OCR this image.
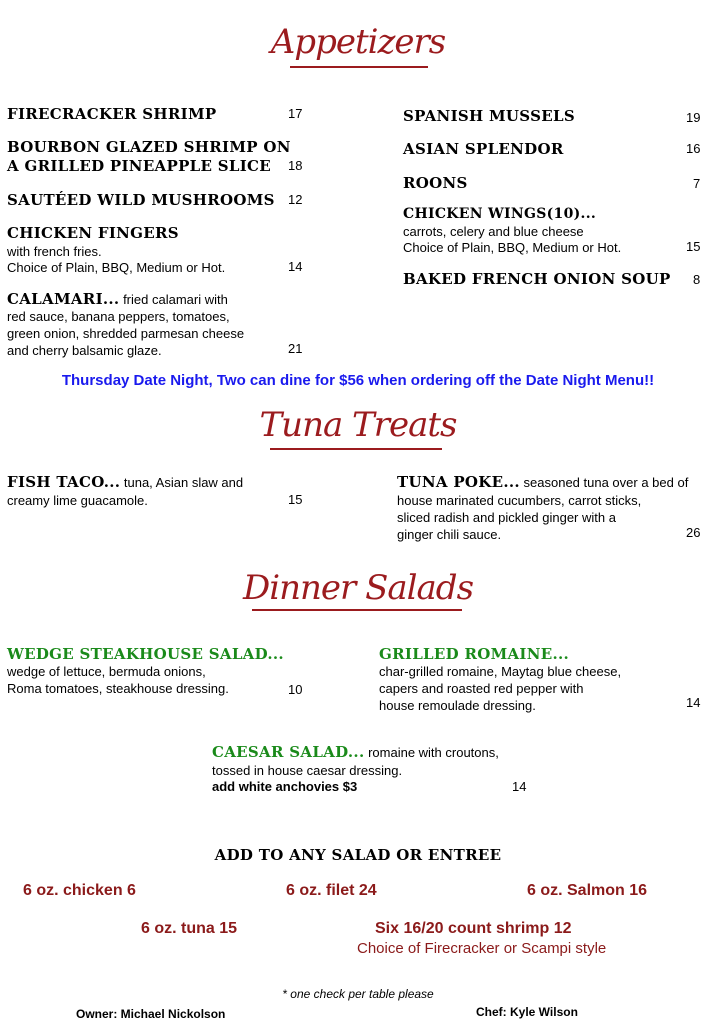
Appetizers
FIRECRACKER SHRIMP	17
BOURBON GLAZED SHRIMP ON
A GRILLED PINEAPPLE SLICE 18
SAUTÉED WILD MUSHROOMS 12
CHICKEN FINGERS
with french fries.
Choice of Plain, BBQ, Medium or Hot.	14
CALAMARI... fried calamari with
red sauce, banana peppers, tomatoes,
green onion, shredded parmesan cheese
and cherry balsamic glaze.	21
SPANISH MUSSELS	19
ASIAN SPLENDOR	16
ROONS	7
CHICKEN WINGS(10)...
carrots, celery and blue cheese
Choice of Plain, BBQ, Medium or Hot.	15
BAKED FRENCH ONION SOUP 8
Thursday Date Night, Two can dine for $56 when ordering off the Date Night Menu!!
Tuna Treats
FISH TACO... tuna, Asian slaw and
creamy lime guacamole.	15
TUNA POKE... seasoned tuna over a bed of
house marinated cucumbers, carrot sticks,
sliced radish and pickled ginger with a
ginger chili sauce.	26
Dinner Salads
WEDGE STEAKHOUSE SALAD...
wedge of lettuce, bermuda onions,
Roma tomatoes, steakhouse dressing.	10
GRILLED ROMAINE...
char-grilled romaine, Maytag blue cheese,
capers and roasted red pepper with
house remoulade dressing.	14
CAESAR SALAD... romaine with croutons,
tossed in house caesar dressing.
add white anchovies $3	14
ADD TO ANY SALAD OR ENTREE
6 oz. chicken 6	6 oz. filet 24	6 oz. Salmon 16
6 oz. tuna 15	Six 16/20 count shrimp 12
Choice of Firecracker or Scampi style
* one check per table please
Owner: Michael Nickolson	Chef: Kyle Wilson
